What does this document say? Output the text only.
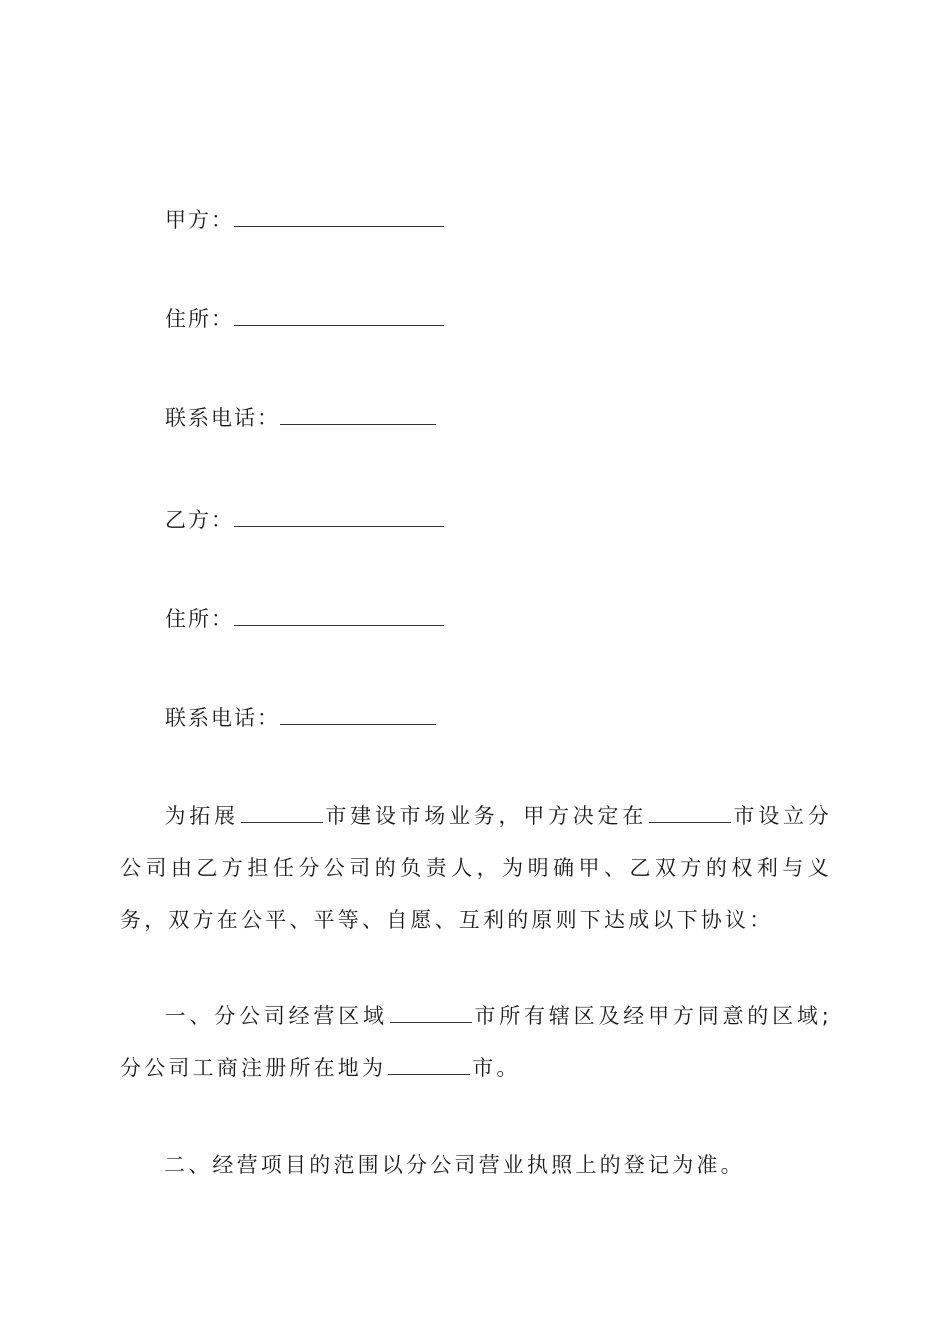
甲方：
住所：
联系电话：
乙方：
住所：
联系电话：
为拓展	市建设市场业务，甲方决定在	市设立分公司由乙方担任分公司的负责人，为明确甲、乙双方的权利与义务，双方在公平、平等、自愿、互利的原则下达成以下协议：
一、分公司经营区域	市所有辖区及经甲方同意的区域;分公司工商注册所在地为	市。
二、经营项目的范围以分公司营业执照上的登记为准。
